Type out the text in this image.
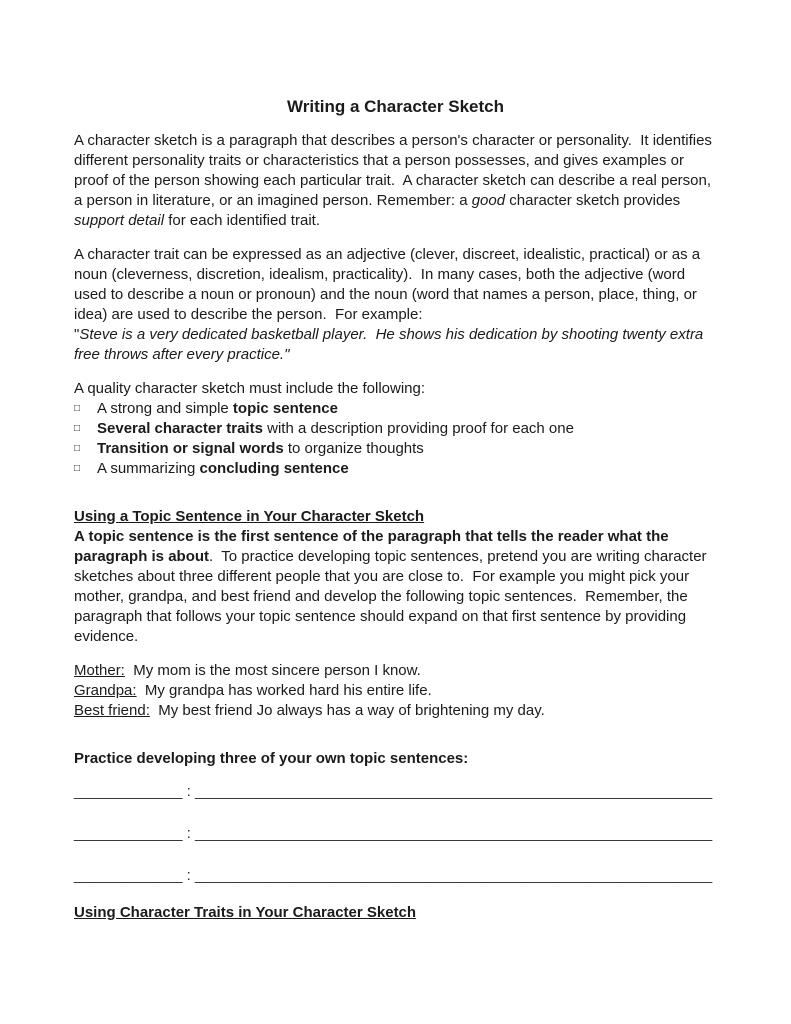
Writing a Character Sketch

A character sketch is a paragraph that describes a person's character or personality.  It identifies different personality traits or characteristics that a person possesses, and gives examples or proof of the person showing each particular trait.  A character sketch can describe a real person, a person in literature, or an imagined person. Remember: a good character sketch provides support detail for each identified trait.

A character trait can be expressed as an adjective (clever, discreet, idealistic, practical) or as a noun (cleverness, discretion, idealism, practicality).  In many cases, both the adjective (word used to describe a noun or pronoun) and the noun (word that names a person, place, thing, or idea) are used to describe the person.  For example:
"Steve is a very dedicated basketball player.  He shows his dedication by shooting twenty extra free throws after every practice."

A quality character sketch must include the following:

□	A strong and simple topic sentence
□	Several character traits with a description providing proof for each one
□	Transition or signal words to organize thoughts
□	A summarizing concluding sentence

Using a Topic Sentence in Your Character Sketch

A topic sentence is the first sentence of the paragraph that tells the reader what the paragraph is about.  To practice developing topic sentences, pretend you are writing character sketches about three different people that you are close to.  For example you might pick your mother, grandpa, and best friend and develop the following topic sentences.  Remember, the paragraph that follows your topic sentence should expand on that first sentence by providing evidence.

Mother:  My mom is the most sincere person I know.
Grandpa:  My grandpa has worked hard his entire life.
Best friend:  My best friend Jo always has a way of brightening my day.

Practice developing three of your own topic sentences:

_____________ : ______________________________________________________________

_____________ : ______________________________________________________________

_____________ : ______________________________________________________________

Using Character Traits in Your Character Sketch
